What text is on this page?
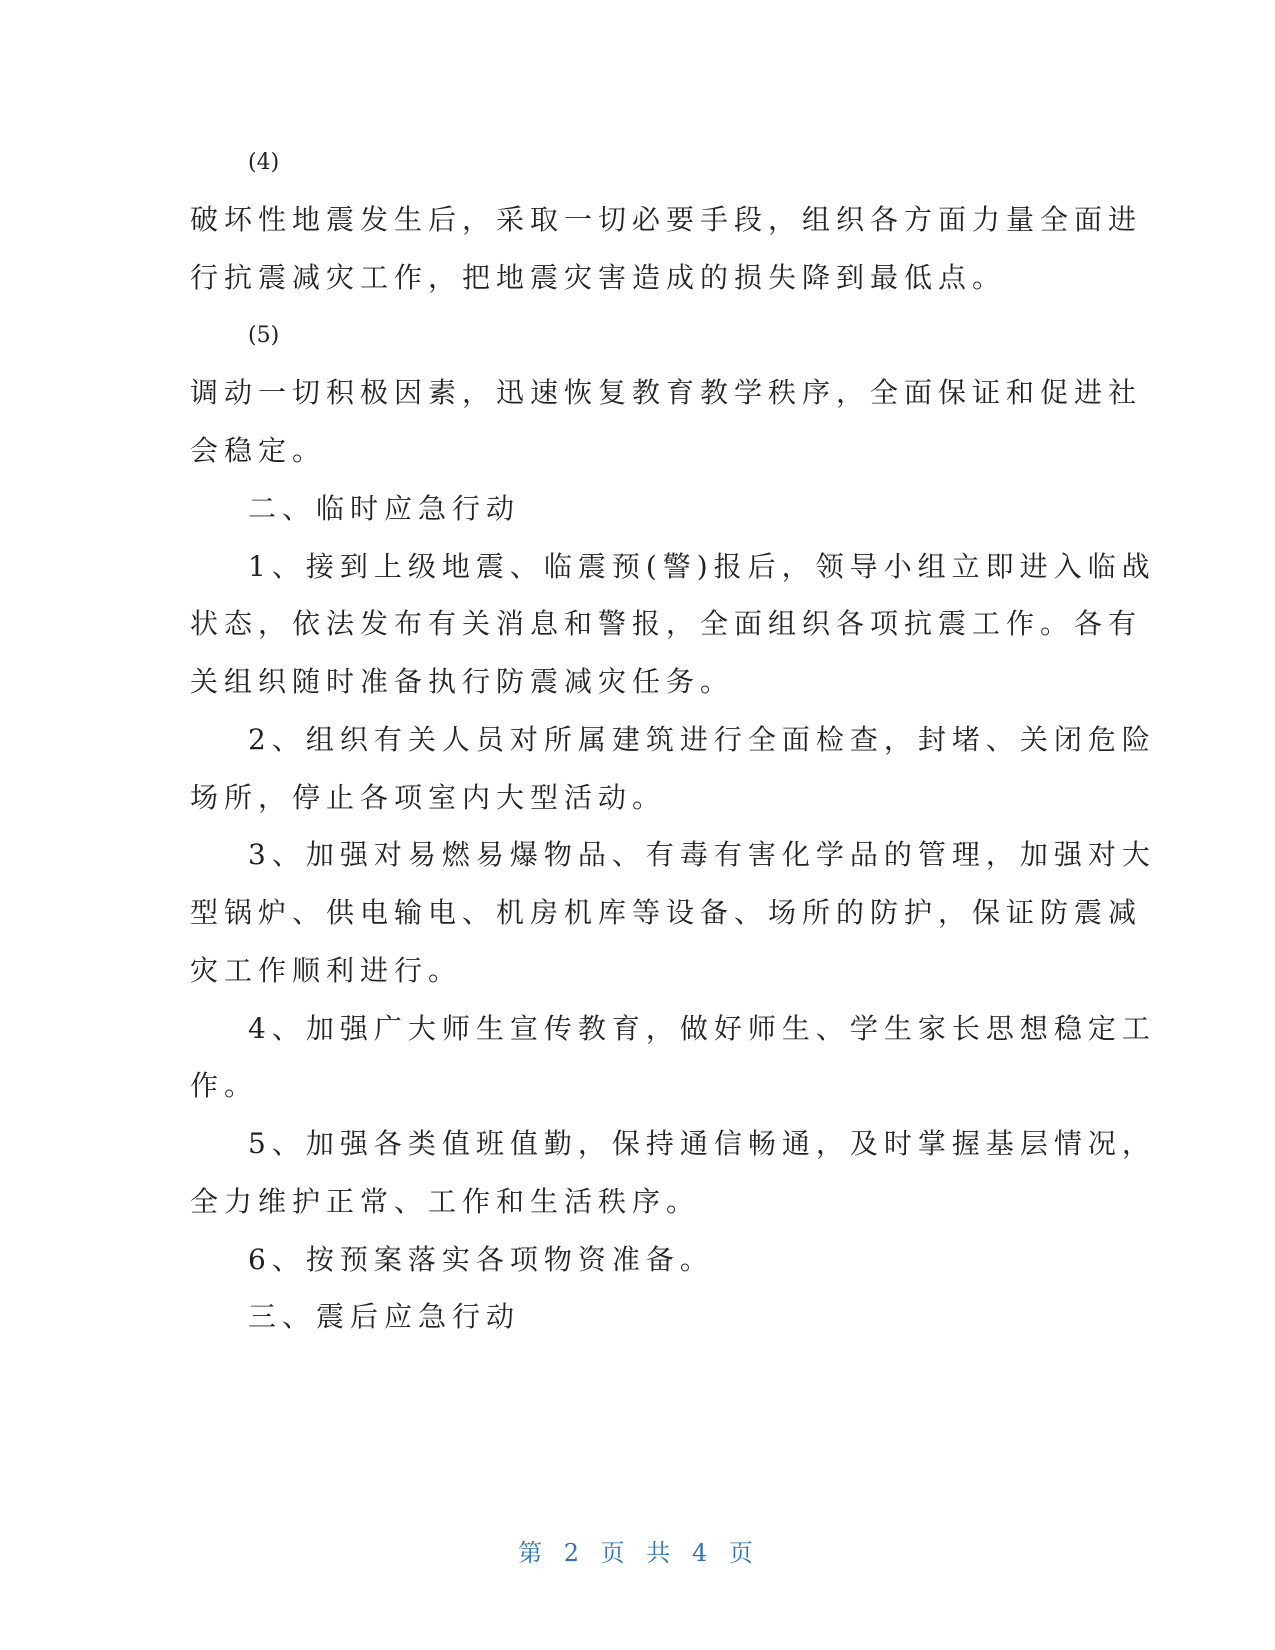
(4)
破坏性地震发生后，采取一切必要手段，组织各方面力量全面进
行抗震减灾工作，把地震灾害造成的损失降到最低点。
(5)
调动一切积极因素，迅速恢复教育教学秩序，全面保证和促进社
会稳定。
二、临时应急行动
1、接到上级地震、临震预(警)报后，领导小组立即进入临战
状态，依法发布有关消息和警报，全面组织各项抗震工作。各有
关组织随时准备执行防震减灾任务。
2、组织有关人员对所属建筑进行全面检查，封堵、关闭危险
场所，停止各项室内大型活动。
3、加强对易燃易爆物品、有毒有害化学品的管理，加强对大
型锅炉、供电输电、机房机库等设备、场所的防护，保证防震减
灾工作顺利进行。
4、加强广大师生宣传教育，做好师生、学生家长思想稳定工
作。
5、加强各类值班值勤，保持通信畅通，及时掌握基层情况，
全力维护正常、工作和生活秩序。
6、按预案落实各项物资准备。
三、震后应急行动
第 2 页 共 4 页
